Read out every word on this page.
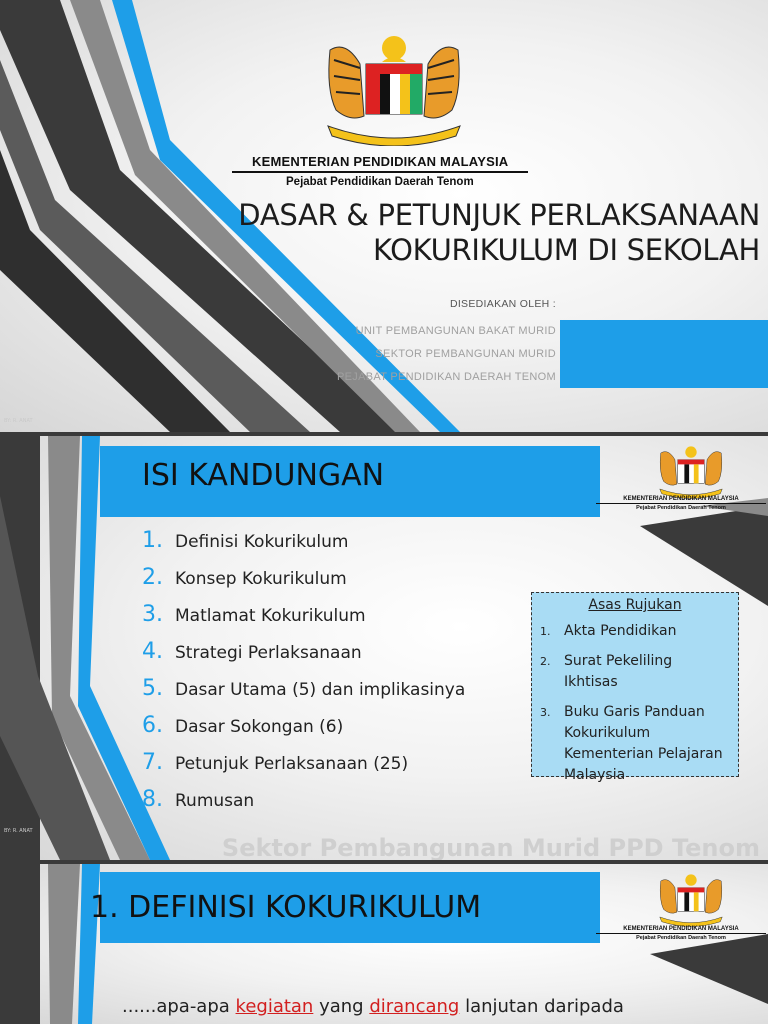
KEMENTERIAN PENDIDIKAN MALAYSIA
Pejabat Pendidikan Daerah Tenom
DASAR & PETUNJUK PERLAKSANAAN
KOKURIKULUM DI SEKOLAH
DISEDIAKAN OLEH :
UNIT PEMBANGUNAN BAKAT MURID
SEKTOR PEMBANGUNAN MURID
PEJABAT PENDIDIKAN DAERAH TENOM
BY: R. ANAT
ISI KANDUNGAN
KEMENTERIAN PENDIDIKAN MALAYSIA
Pejabat Pendidikan Daerah Tenom
1. Definisi Kokurikulum
2. Konsep Kokurikulum
3. Matlamat Kokurikulum
4. Strategi Perlaksanaan
5. Dasar Utama (5) dan implikasinya
6. Dasar Sokongan (6)
7. Petunjuk Perlaksanaan (25)
8. Rumusan
Asas Rujukan
1. Akta Pendidikan
2. Surat Pekeliling Ikhtisas
3. Buku Garis Panduan Kokurikulum Kementerian Pelajaran Malaysia
Sektor Pembangunan Murid PPD Tenom
BY: R. ANAT
1. DEFINISI KOKURIKULUM
KEMENTERIAN PENDIDIKAN MALAYSIA
Pejabat Pendidikan Daerah Tenom
......apa-apa kegiatan yang dirancang lanjutan daripada
